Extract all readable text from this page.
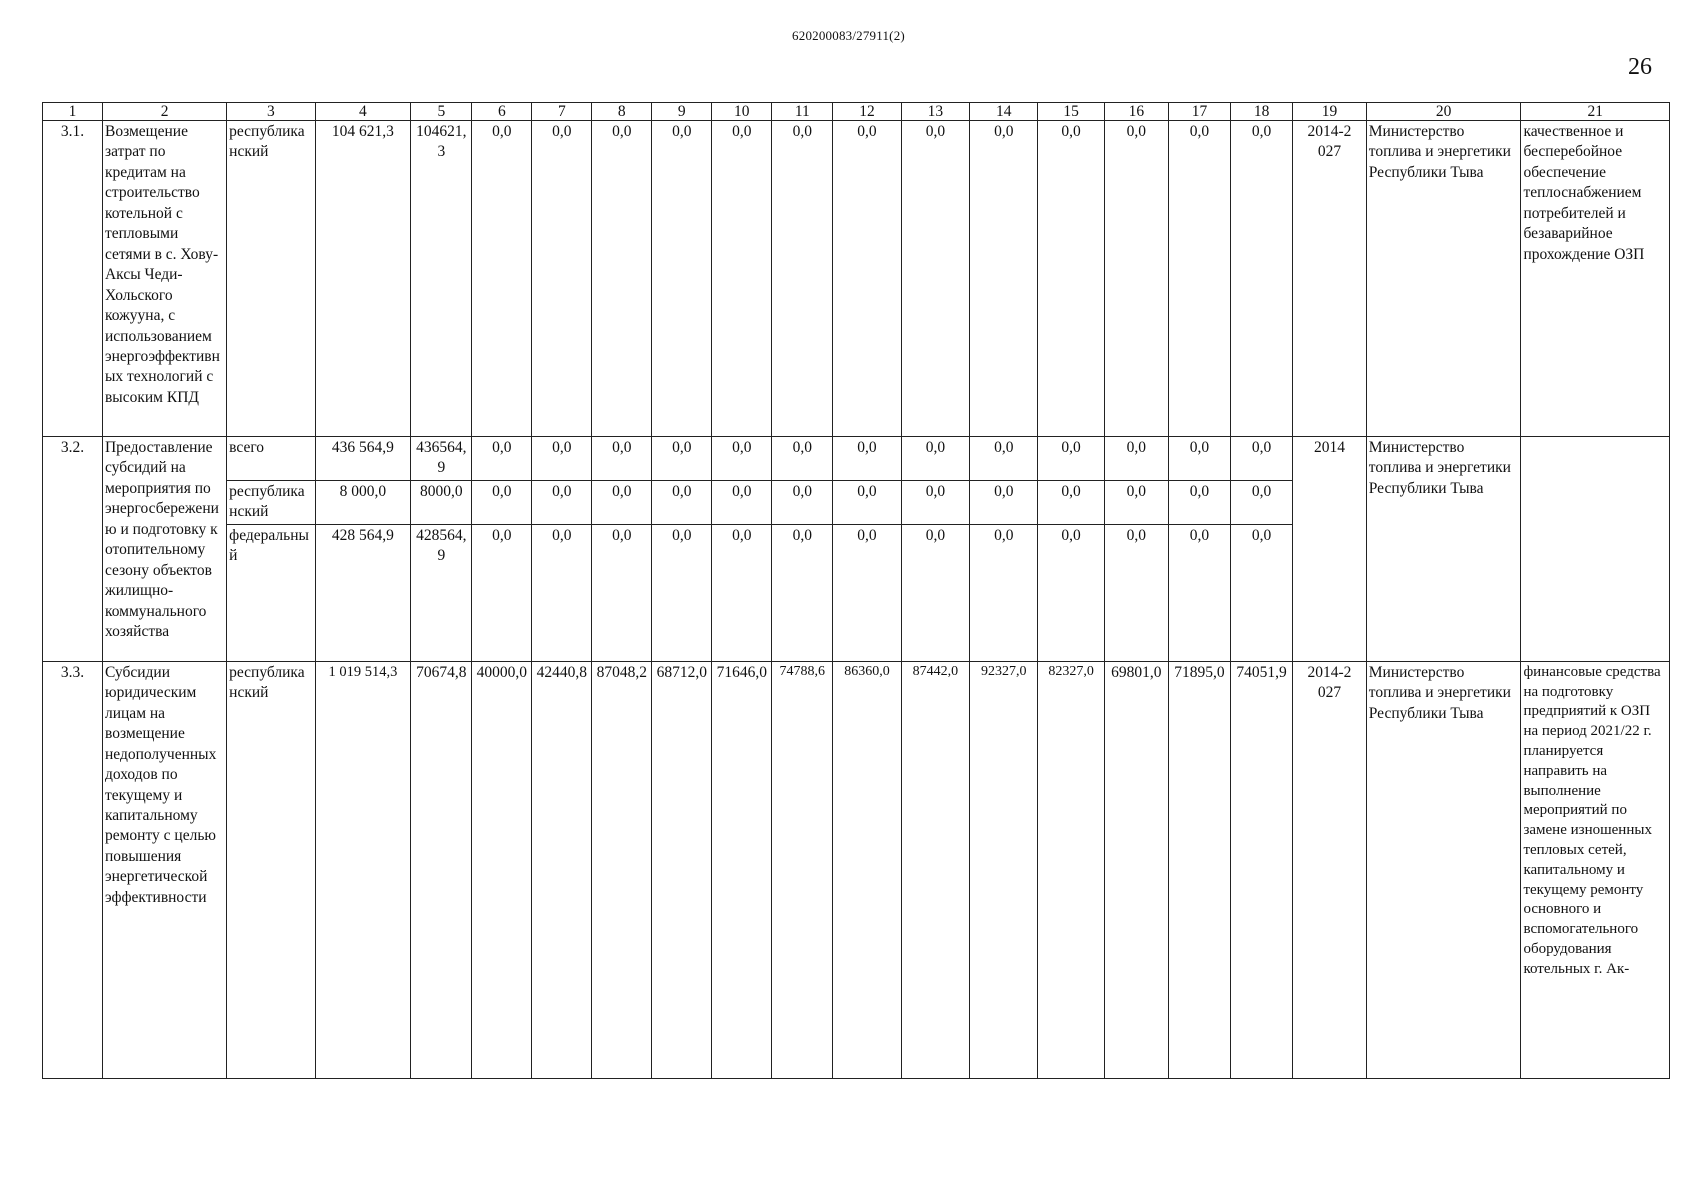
620200083/27911(2)
26
1	2	3	4	5	6	7	8	9	10	11	12	13	14	15	16	17	18	19	20	21
3.1.	Возмещение затрат по кредитам на строительство котельной с тепловыми сетями в с. Хову-Аксы Чеди-Хольского кожууна, с использованием энергоэффективных технологий с высоким КПД	республиканский	104 621,3	104621,3	0,0	0,0	0,0	0,0	0,0	0,0	0,0	0,0	0,0	0,0	0,0	0,0	0,0	2014-2027	Министерство топлива и энергетики Республики Тыва	качественное и бесперебойное обеспечение теплоснабжением потребителей и безаварийное прохождение ОЗП
3.2.	Предоставление субсидий на мероприятия по энергосбережению и подготовку к отопительному сезону объектов жилищно-коммунального хозяйства	всего	436 564,9	436564,9	0,0	0,0	0,0	0,0	0,0	0,0	0,0	0,0	0,0	0,0	0,0	0,0	0,0	2014	Министерство топлива и энергетики Республики Тыва	
		республиканский	8 000,0	8000,0	0,0	0,0	0,0	0,0	0,0	0,0	0,0	0,0	0,0	0,0	0,0	0,0	0,0			
		федеральный	428 564,9	428564,9	0,0	0,0	0,0	0,0	0,0	0,0	0,0	0,0	0,0	0,0	0,0	0,0	0,0			
3.3.	Субсидии юридическим лицам на возмещение недополученных доходов по текущему и капитальному ремонту с целью повышения энергетической эффективности	республиканский	1 019 514,3	70674,8	40000,0	42440,8	87048,2	68712,0	71646,0	74788,6	86360,0	87442,0	92327,0	82327,0	69801,0	71895,0	74051,9	2014-2027	Министерство топлива и энергетики Республики Тыва	финансовые средства на подготовку предприятий к ОЗП на период 2021/22 г. планируется направить на выполнение мероприятий по замене изношенных тепловых сетей, капитальному и текущему ремонту основного и вспомогательного оборудования котельных г. Ак-
